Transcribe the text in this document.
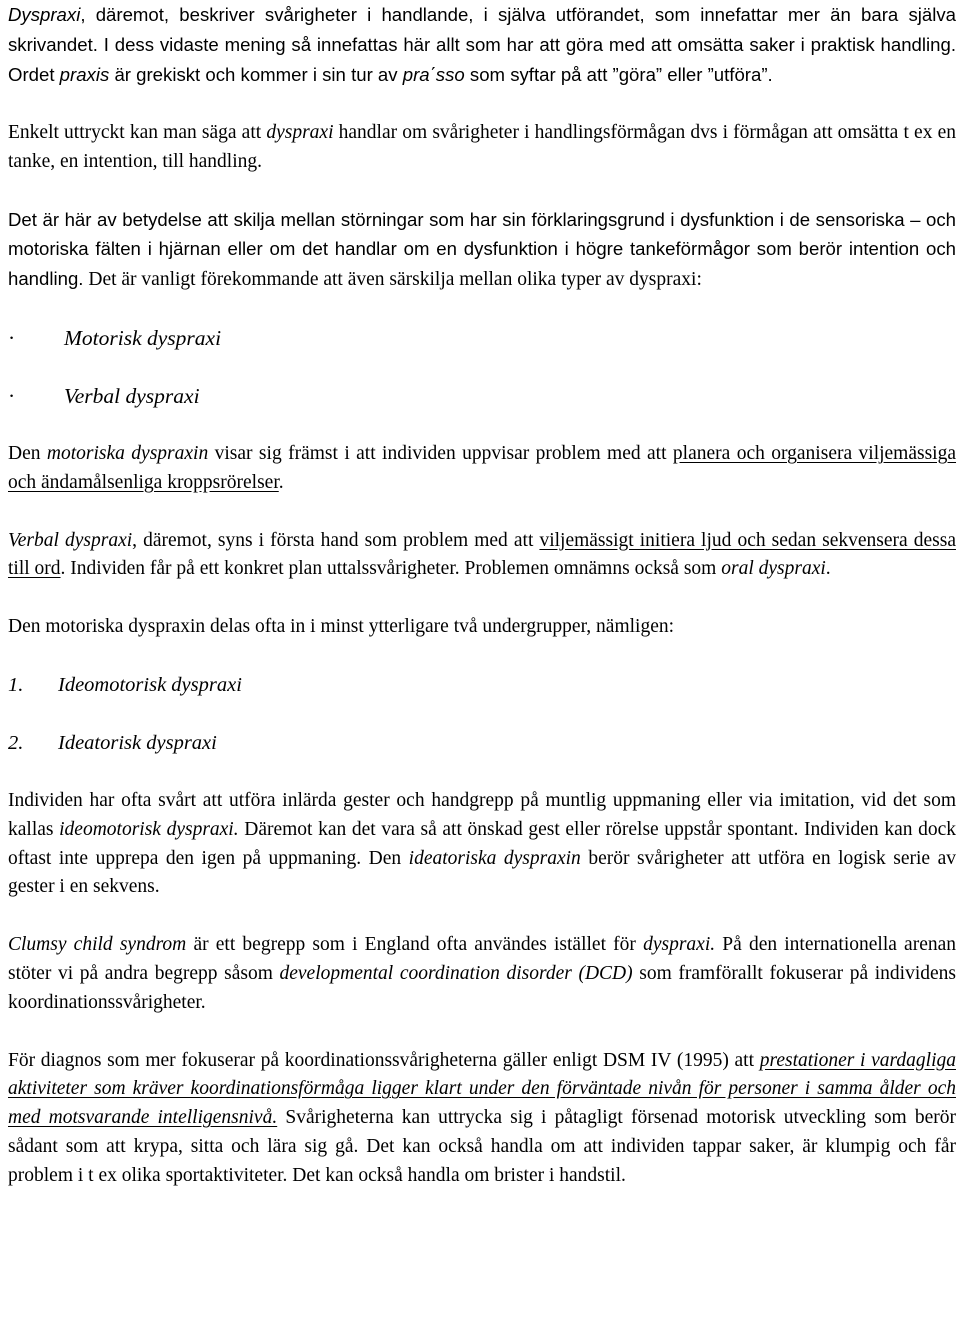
Dyspraxi, däremot, beskriver svårigheter i handlande, i själva utförandet, som innefattar mer än bara själva skrivandet. I dess vidaste mening så innefattas här allt som har att göra med att omsätta saker i praktisk handling. Ordet praxis är grekiskt och kommer i sin tur av pra΄sso som syftar på att ”göra” eller ”utföra”.

Enkelt uttryckt kan man säga att dyspraxi handlar om svårigheter i handlingsförmågan dvs i förmågan att omsätta t ex en tanke, en intention, till handling.

Det är här av betydelse att skilja mellan störningar som har sin förklaringsgrund i dysfunktion i de sensoriska – och motoriska fälten i hjärnan eller om det handlar om en dysfunktion i högre tankeförmågor som berör intention och handling. Det är vanligt förekommande att även särskilja mellan olika typer av dyspraxi:

·	Motorisk dyspraxi
·	Verbal dyspraxi

Den motoriska dyspraxin visar sig främst i att individen uppvisar problem med att planera och organisera viljemässiga och ändamålsenliga kroppsrörelser.

Verbal dyspraxi, däremot, syns i första hand som problem med att viljemässigt initiera ljud och sedan sekvensera dessa till ord. Individen får på ett konkret plan uttalssvårigheter. Problemen omnämns också som oral dyspraxi.

Den motoriska dyspraxin delas ofta in i minst ytterligare två undergrupper, nämligen:

1.	Ideomotorisk dyspraxi
2.	Ideatorisk dyspraxi

Individen har ofta svårt att utföra inlärda gester och handgrepp på muntlig uppmaning eller via imitation, vid det som kallas ideomotorisk dyspraxi. Däremot kan det vara så att önskad gest eller rörelse uppstår spontant. Individen kan dock oftast inte upprepa den igen på uppmaning. Den ideatoriska dyspraxin berör svårigheter att utföra en logisk serie av gester i en sekvens.

Clumsy child syndrom är ett begrepp som i England ofta användes istället för dyspraxi. På den internationella arenan stöter vi på andra begrepp såsom developmental coordination disorder (DCD) som framförallt fokuserar på individens koordinationssvårigheter.

För diagnos som mer fokuserar på koordinationssvårigheterna gäller enligt DSM IV (1995) att prestationer i vardagliga aktiviteter som kräver koordinationsförmåga ligger klart under den förväntade nivån för personer i samma ålder och med motsvarande intelligensnivå. Svårigheterna kan uttrycka sig i påtagligt försenad motorisk utveckling som berör sådant som att krypa, sitta och lära sig gå. Det kan också handla om att individen tappar saker, är klumpig och får problem i t ex olika sportaktiviteter. Det kan också handla om brister i handstil.
